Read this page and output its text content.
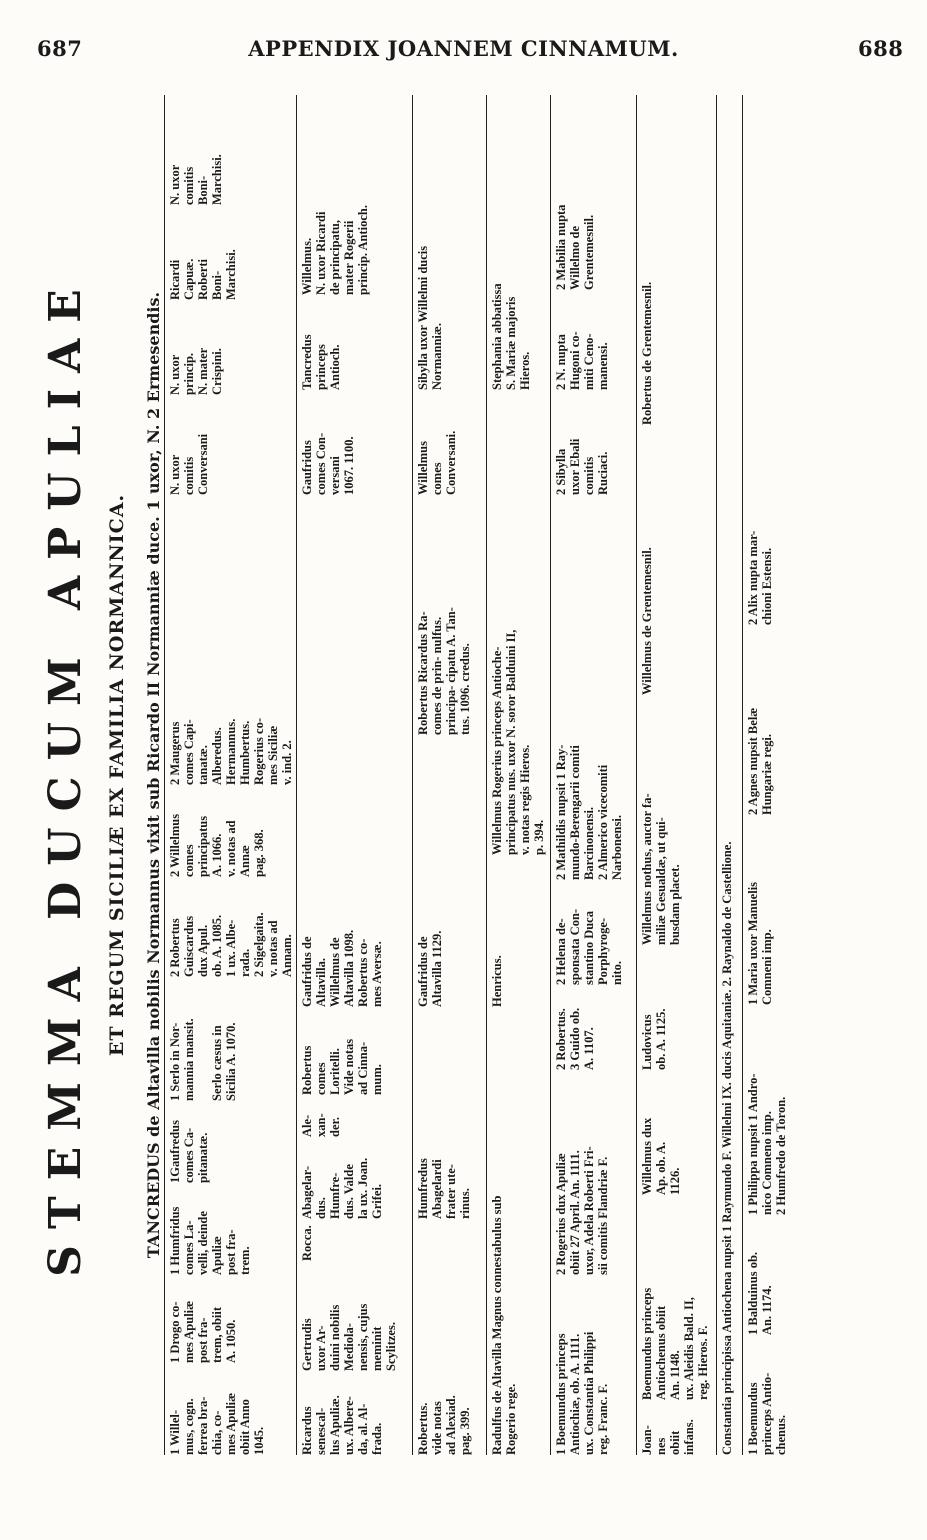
687	APPENDIX JOANNEM CINNAMUM.	688
STEMMA DUCUM APULIAE ET REGUM SICILIÆ EX FAMILIA NORMANNICA. TANCREDUS de Altavilla nobilis Normannus vixit sub Ricardo II Normanniæ duce. 1 uxor, N. 2 Ermesendis.
1 Willel-
mus, cogn.
ferrea bra-
chia, co-
mes Apuliæ
obiit Anno
1045.
1 Drogo co-
mes Apuliæ
post fra-
trem, obiit
A. 1050.
1 Humfridus
comes La-
velli, deinde
Apuliæ
post fra-
trem.
1Gaufredus
comes Ca-
pitanatæ.
1 Serlo in Nor-
mannia mansit.

Serlo cæsus in
Sicilia A. 1070.
2 Robertus
Guiscardus
dux Apul.
ob. A. 1085.
1 ux. Albe-
rada.
2 Sigelgaita.
v. notas ad
Annam.
2 Willelmus
comes
principatus
A. 1066.
v. notas ad
Annæ
pag. 368.
2 Maugerus
comes Capi-
tanatæ.
Alberedus.
Hermannus.
Humbertus.
Rogerius co-
mes Siciliæ
v. ind. 2.
N. uxor
comitis
Conversani
N. uxor
princip.
N. mater
Crispini.
Ricardi
Capuæ.
Roberti
Boni-
Marchisi.
N. uxor
comitis
Boni-
Marchisi.
Ricardus
senescal-
lus Apuliæ.
ux. Albere-
da, al. Al-
frada.
Gertrudis
uxor Ar-
duini nobilis
Mediola-
nensis, cujus
meminit
Scylitzes.
Rocca.
Abagelar-
dus.
Humfre-
dus. Valde
la ux. Joan.
Grifei.
Ale-
xan-
der.
Robertus
comes
Loritelli.
Vide notas
ad Cinna-
mum.
Gaufridus de
Altavilla.
Willelmus de
Altavilla 1098.
Robertus co-
mes Aversæ.
Gaufridus
comes Con-
versani
1067. 1100.
Tancredus
princeps
Antioch.
Willelmus.
N. uxor Ricardi
de principatu,
mater Rogerii
princip. Antioch.
Robertus.
vide notas
ad Alexiad.
pag. 399.
Humfredus
Abagelardi
frater ute-
rinus.
Gaufridus de
Altavilla 1129.
Robertus Ricardus Ra-
comes de prin- nulfus.
principa- cipatu A. Tan-
tus. 1096. credus.
Willelmus
comes
Conversani.
Sibylla uxor Willelmi ducis
Normanniæ.
Radulfus de Altavilla Magnus connestabulus sub
Rogerio rege.
Henricus.
Willelmus Rogerius princeps Antioche-
principatus nus. uxor N. soror Balduini II,
v. notas regis Hieros.
p. 394.
Stephania abbatissa
S. Mariæ majoris
Hieros.
1 Boemundus princeps
Antiochiæ, ob. A. 1111.
ux. Constantia Philippi
reg. Franc. F.
2 Rogerius dux Apuliæ
obiit 27 April. An. 1111.
uxor, Adela Roberti Fri-
sii comitis Flandriæ F.
2 Robertus.
3 Guido ob.
A. 1107.
2 Helena de-
sponsata Con-
stantino Duca
Porphyroge-
nito.
2 Mathildis nupsit 1 Ray-
mundo-Berengarii comiti
Barcinonensi.
2 Almerico vicecomiti
Narbonensi.
2 Sibylla
uxor Ebali
comitis
Ruciaci.
2 N. nupta
Hugoni co-
miti Ceno-
manensi.
2 Mabilia nupta
Willelmo de
Grentemesnil.
Joan-
nes
obiit
infans.
Boemundus princeps
Antiochenus obiit
An. 1148.
ux. Aleidis Bald. II,
reg. Hieros. F.
Willelmus dux
Ap. ob. A.
1126.
Ludovicus
ob. A. 1125.
Willelmus nothus, auctor fa-
miliæ Gesualdæ, ut qui-
busdam placet.
Willelmus de Grentemesnil.
Robertus de Grentemesnil.
Constantia principissa Antiochena nupsit 1 Raymundo F. Willelmi IX. ducis Aquitaniæ. 2. Raynaldo de Castellione. 1 Boemundus
princeps Antio-
chenus.
1 Balduinus ob.
An. 1174.
1 Philippa nupsit 1 Andro-
nico Comneno imp.
2 Humfredo de Toron.
1 Maria uxor Manuelis
Comneni imp.
2 Agnes nupsit Belæ
Hungariæ regi.
2 Alix nupta mar-
chioni Estensi.
